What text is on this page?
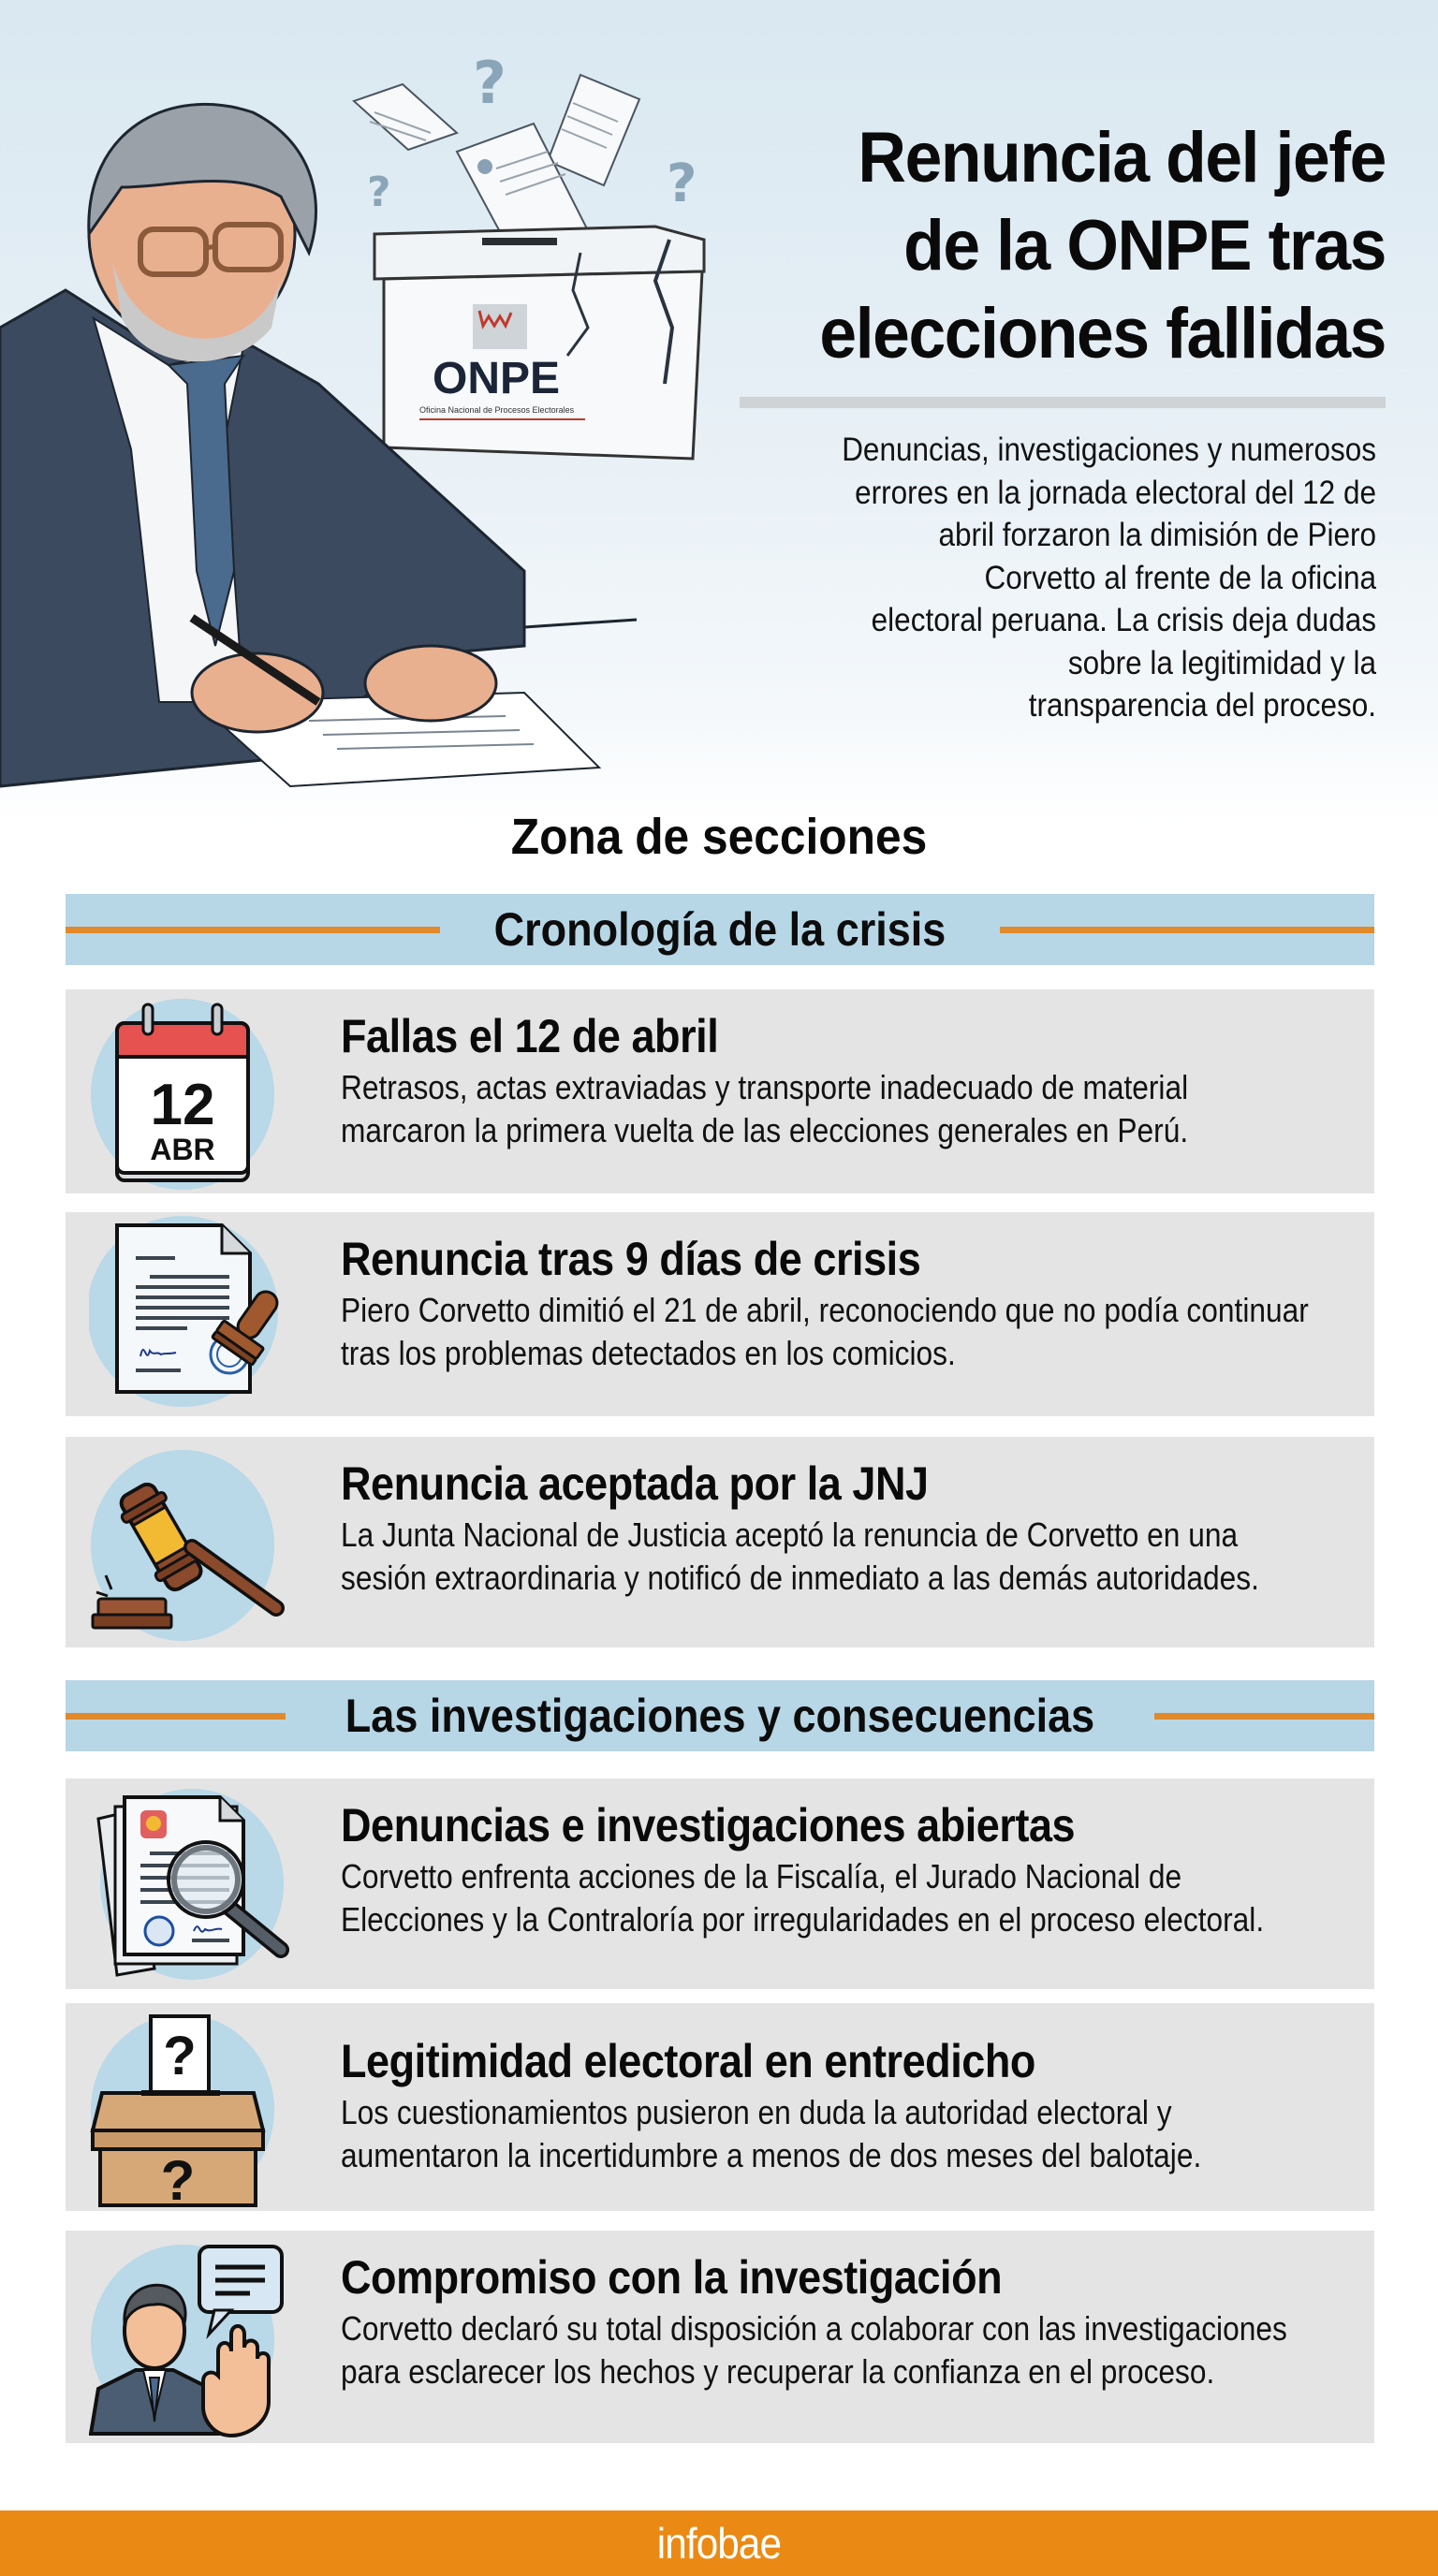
?
?	?
ONPE
Oficina Nacional de Procesos Electorales
Renuncia del jefe
de la ONPE tras
elecciones fallidas
Denuncias, investigaciones y numerosos
errores en la jornada electoral del 12 de
abril forzaron la dimisión de Piero
Corvetto al frente de la oficina
electoral peruana. La crisis deja dudas
sobre la legitimidad y la
transparencia del proceso.
Zona de secciones
Cronología de la crisis
12
ABR
Fallas el 12 de abril

Retrasos, actas extraviadas y transporte inadecuado de material marcaron la primera vuelta de las elecciones generales en Perú.

Renuncia tras 9 días de crisis

Piero Corvetto dimitió el 21 de abril, reconociendo que no podía continuar tras los problemas detectados en los comicios.

Renuncia aceptada por la JNJ

La Junta Nacional de Justicia aceptó la renuncia de Corvetto en una sesión extraordinaria y notificó de inmediato a las demás autoridades.

Las investigaciones y consecuencias
Denuncias e investigaciones abiertas

Corvetto enfrenta acciones de la Fiscalía, el Jurado Nacional de Elecciones y la Contraloría por irregularidades en el proceso electoral.

?
?
Legitimidad electoral en entredicho

Los cuestionamientos pusieron en duda la autoridad electoral y aumentaron la incertidumbre a menos de dos meses del balotaje.

Compromiso con la investigación

Corvetto declaró su total disposición a colaborar con las investigaciones para esclarecer los hechos y recuperar la confianza en el proceso.

infobae
